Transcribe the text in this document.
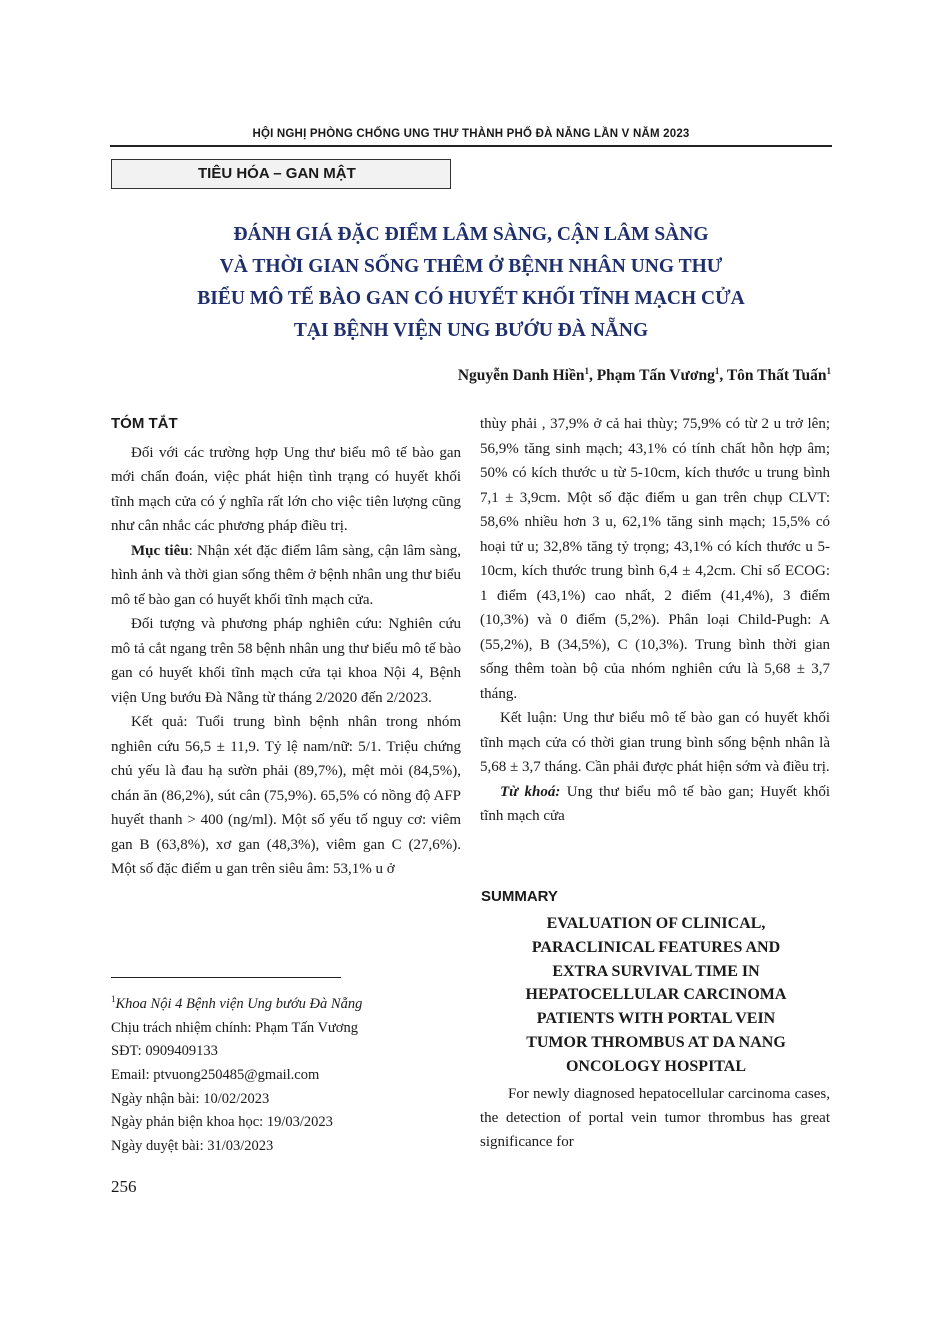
HỘI NGHỊ PHÒNG CHỐNG UNG THƯ THÀNH PHỐ ĐÀ NẴNG LẦN V NĂM 2023
TIÊU HÓA – GAN MẬT
ĐÁNH GIÁ ĐẶC ĐIỂM LÂM SÀNG, CẬN LÂM SÀNG
VÀ THỜI GIAN SỐNG THÊM Ở BỆNH NHÂN UNG THƯ
BIỂU MÔ TẾ BÀO GAN CÓ HUYẾT KHỐI TĨNH MẠCH CỬA
TẠI BỆNH VIỆN UNG BƯỚU ĐÀ NẴNG
Nguyễn Danh Hiền$^1$, Phạm Tấn Vương$^1$, Tôn Thất Tuấn$^1$
TÓM TẮT

Đối với các trường hợp Ung thư biểu mô tế bào gan mới chẩn đoán, việc phát hiện tình trạng có huyết khối tĩnh mạch cửa có ý nghĩa rất lớn cho việc tiên lượng cũng như cân nhắc các phương pháp điều trị.

Mục tiêu: Nhận xét đặc điểm lâm sàng, cận lâm sàng, hình ảnh và thời gian sống thêm ở bệnh nhân ung thư biểu mô tế bào gan có huyết khối tĩnh mạch cửa.

Đối tượng và phương pháp nghiên cứu: Nghiên cứu mô tả cắt ngang trên 58 bệnh nhân ung thư biểu mô tế bào gan có huyết khối tĩnh mạch cửa tại khoa Nội 4, Bệnh viện Ung bướu Đà Nẵng từ tháng 2/2020 đến 2/2023.

Kết quả: Tuổi trung bình bệnh nhân trong nhóm nghiên cứu 56,5 ± 11,9. Tỷ lệ nam/nữ: 5/1. Triệu chứng chủ yếu là đau hạ sườn phải (89,7%), mệt mỏi (84,5%), chán ăn (86,2%), sút cân (75,9%). 65,5% có nồng độ AFP huyết thanh > 400 (ng/ml). Một số yếu tố nguy cơ: viêm gan B (63,8%), xơ gan (48,3%), viêm gan C (27,6%). Một số đặc điểm u gan trên siêu âm: 53,1% u ở

$^1$Khoa Nội 4 Bệnh viện Ung bướu Đà Nẵng
Chịu trách nhiệm chính: Phạm Tấn Vương
SĐT: 0909409133
Email: ptvuong250485@gmail.com
Ngày nhận bài: 10/02/2023
Ngày phản biện khoa học: 19/03/2023
Ngày duyệt bài: 31/03/2023

thùy phải , 37,9% ở cả hai thùy; 75,9% có từ 2 u trở lên; 56,9% tăng sinh mạch; 43,1% có tính chất hỗn hợp âm; 50% có kích thước u từ 5-10cm, kích thước u trung bình 7,1 ± 3,9cm. Một số đặc điểm u gan trên chụp CLVT: 58,6% nhiều hơn 3 u, 62,1% tăng sinh mạch; 15,5% có hoại tử u; 32,8% tăng tỷ trọng; 43,1% có kích thước u 5-10cm, kích thước trung bình 6,4 ± 4,2cm. Chỉ số ECOG: 1 điểm (43,1%) cao nhất, 2 điểm (41,4%), 3 điểm (10,3%) và 0 điểm (5,2%). Phân loại Child-Pugh: A (55,2%), B (34,5%), C (10,3%). Trung bình thời gian sống thêm toàn bộ của nhóm nghiên cứu là 5,68 ± 3,7 tháng.

Kết luận: Ung thư biểu mô tế bào gan có huyết khối tĩnh mạch cửa có thời gian trung bình sống bệnh nhân là 5,68 ± 3,7 tháng. Cần phải được phát hiện sớm và điều trị.

Từ khoá: Ung thư biểu mô tế bào gan; Huyết khối tĩnh mạch cửa

SUMMARY
EVALUATION OF CLINICAL,
PARACLINICAL FEATURES AND
EXTRA SURVIVAL TIME IN
HEPATOCELLULAR CARCINOMA
PATIENTS WITH PORTAL VEIN
TUMOR THROMBUS AT DA NANG
ONCOLOGY HOSPITAL

For newly diagnosed hepatocellular carcinoma cases, the detection of portal vein tumor thrombus has great significance for

256
